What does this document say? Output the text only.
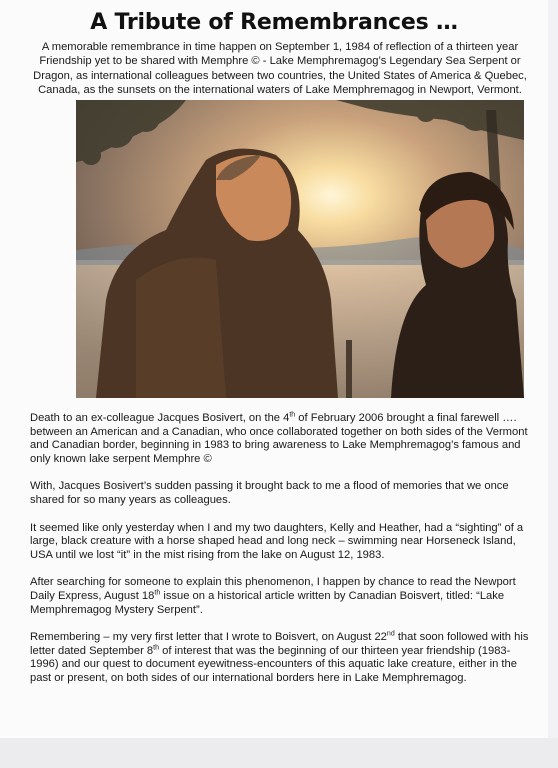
A Tribute of Remembrances …
A memorable remembrance in time happen on September 1, 1984 of reflection of a thirteen year Friendship yet to be shared with Memphre © - Lake Memphremagog’s Legendary Sea Serpent or Dragon, as international colleagues between two countries, the United States of America & Quebec, Canada, as the sunsets on the international waters of Lake Memphremagog in Newport, Vermont.

Death to an ex-colleague Jacques Bosivert, on the 4th of February 2006 brought a final farewell …. between an American and a Canadian, who once collaborated together on both sides of the Vermont and Canadian border, beginning in 1983 to bring awareness to Lake Memphremagog’s famous and only known lake serpent Memphre ©

With, Jacques Bosivert’s sudden passing it brought back to me a flood of memories that we once shared for so many years as colleagues.

It seemed like only yesterday when I and my two daughters, Kelly and Heather, had a “sighting” of a large, black creature with a horse shaped head and long neck – swimming near Horseneck Island, USA until we lost “it” in the mist rising from the lake on August 12, 1983.

After searching for someone to explain this phenomenon, I happen by chance to read the Newport Daily Express, August 18th issue on a historical article written by Canadian Boisvert, titled: “Lake Memphremagog Mystery Serpent”.

Remembering – my very first letter that I wrote to Boisvert, on August 22nd that soon followed with his letter dated September 8th of interest that was the beginning of our thirteen year friendship (1983-1996) and our quest to document eyewitness-encounters of this aquatic lake creature, either in the past or present, on both sides of our international borders here in Lake Memphremagog.
